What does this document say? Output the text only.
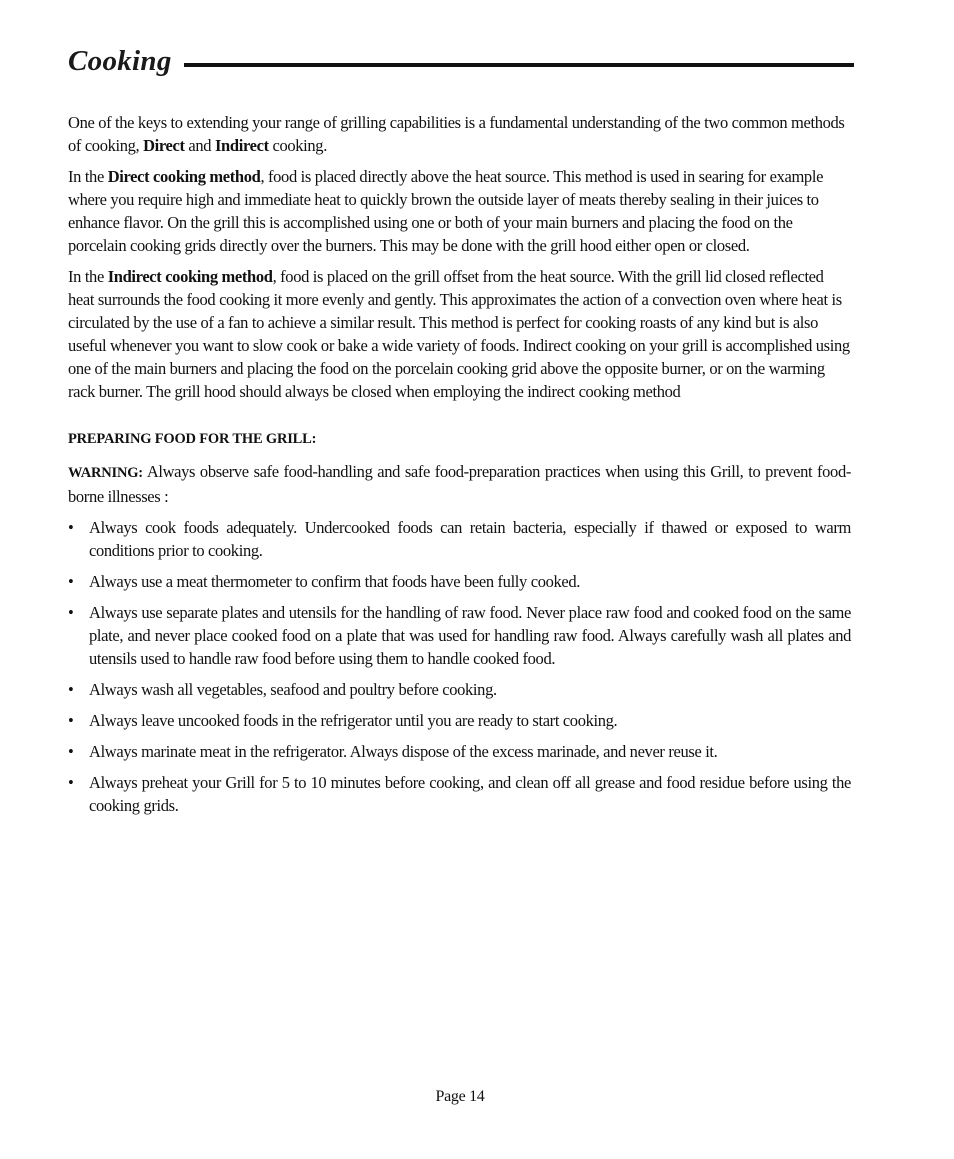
Cooking

One of the keys to extending your range of grilling capabilities is a fundamental understanding of the two common methods of cooking, Direct and Indirect cooking.

In the Direct cooking method, food is placed directly above the heat source. This method is used in searing for example where you require high and immediate heat to quickly brown the outside layer of meats thereby sealing in their juices to enhance flavor. On the grill this is accomplished using one or both of your main burners and placing the food on the porcelain cooking grids directly over the burners. This may be done with the grill hood either open or closed.

In the Indirect cooking method, food is placed on the grill offset from the heat source. With the grill lid closed reflected heat surrounds the food cooking it more evenly and gently. This approximates the action of a convection oven where heat is circulated by the use of a fan to achieve a similar result. This method is perfect for cooking roasts of any kind but is also useful whenever you want to slow cook or bake a wide variety of foods. Indirect cooking on your grill is accomplished using one of the main burners and placing the food on the porcelain cooking grid above the opposite burner, or on the warming rack burner. The grill hood should always be closed when employing the indirect cooking method

PREPARING FOOD FOR THE GRILL:

WARNING: Always observe safe food-handling and safe food-preparation practices when using this Grill, to prevent food-borne illnesses :

• Always cook foods adequately. Undercooked foods can retain bacteria, especially if thawed or exposed to warm conditions prior to cooking.
• Always use a meat thermometer to confirm that foods have been fully cooked.
• Always use separate plates and utensils for the handling of raw food. Never place raw food and cooked food on the same plate, and never place cooked food on a plate that was used for handling raw food. Always carefully wash all plates and utensils used to handle raw food before using them to handle cooked food.
• Always wash all vegetables, seafood and poultry before cooking.
• Always leave uncooked foods in the refrigerator until you are ready to start cooking.
• Always marinate meat in the refrigerator. Always dispose of the excess marinade, and never reuse it.
• Always preheat your Grill for 5 to 10 minutes before cooking, and clean off all grease and food residue before using the cooking grids.
Page 14
